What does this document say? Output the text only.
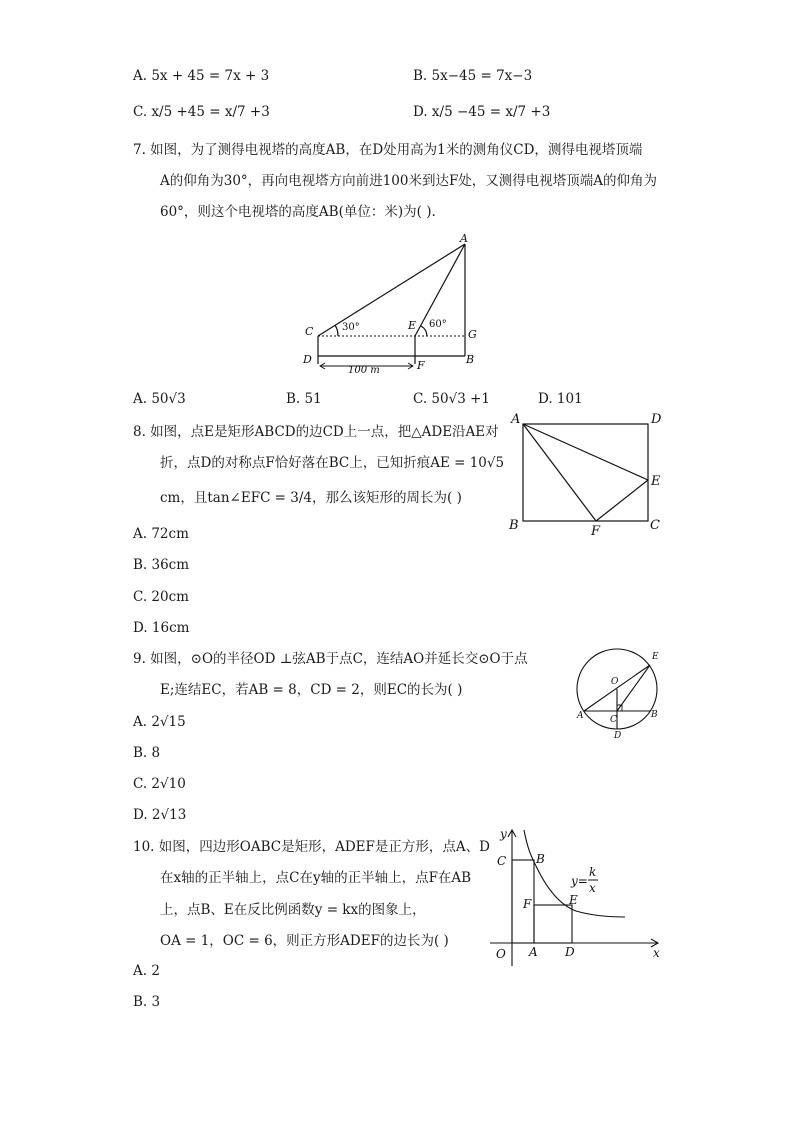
A. 5x + 45 = 7x + 3	B. 5x−45 = 7x−3
C. x/5 +45 = x/7 +3	D. x/5 −45 = x/7 +3
7. 如图，为了测得电视塔的高度AB，在D处用高为1米的测角仪CD，测得电视塔顶端
A的仰角为30°，再向电视塔方向前进100米到达F处，又测得电视塔顶端A的仰角为
60°，则这个电视塔的高度AB(单位：米)为( ).
A
C	E
G
D	F	B
30°	60°
100 m
A. 50√3	B. 51	C. 50√3 +1	D. 101
8. 如图，点E是矩形ABCD的边CD上一点，把△ADE沿AE对
折，点D的对称点F恰好落在BC上，已知折痕AE = 10√5
cm，且tan∠EFC = 3/4，那么该矩形的周长为( )
A	D
E
B	F	C
A. 72cm
B. 36cm
C. 20cm
D. 16cm
9. 如图，⊙O的半径OD ⊥弦AB于点C，连结AO并延长交⊙O于点
E;连结EC，若AB = 8，CD = 2，则EC的长为( )
E
O
A	C	B
D
A. 2√15
B. 8
C. 2√10
D. 2√13
10. 如图，四边形OABC是矩形，ADEF是正方形，点A、D
在x轴的正半轴上，点C在y轴的正半轴上，点F在AB
上，点B、E在反比例函数y = kx的图象上，
OA = 1，OC = 6，则正方形ADEF的边长为( )
y
C B
F	E
O A D	x
y=
k
x
A. 2
B. 3
